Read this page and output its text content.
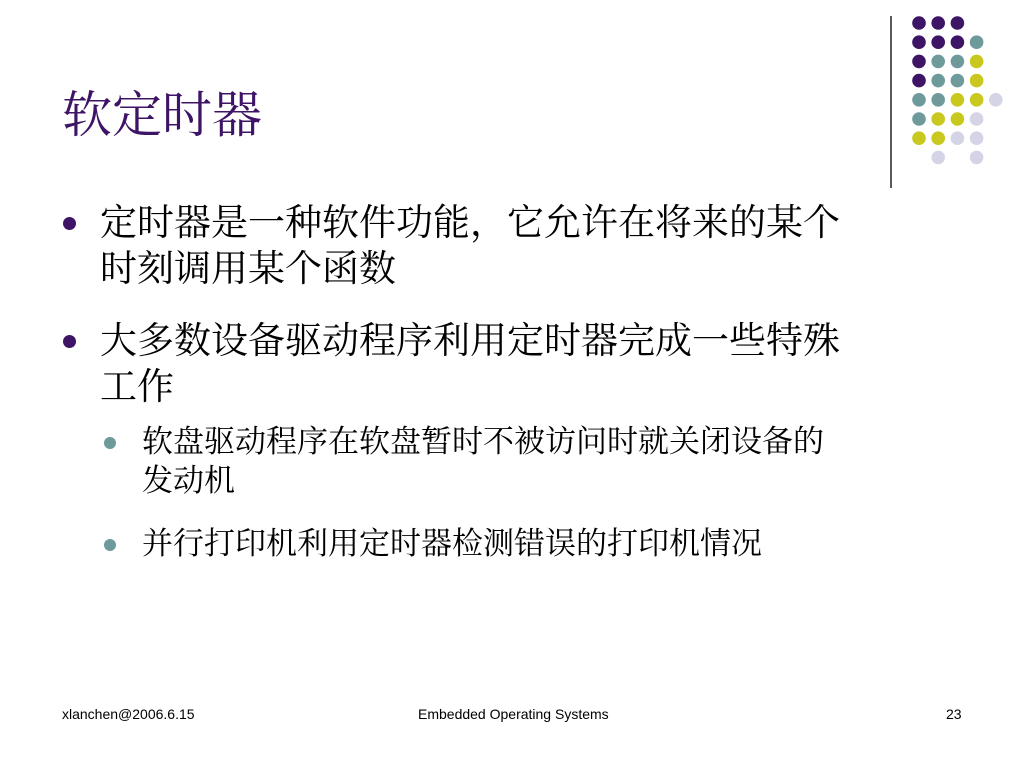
软定时器
定时器是一种软件功能，它允许在将来的某个
时刻调用某个函数
大多数设备驱动程序利用定时器完成一些特殊
工作
软盘驱动程序在软盘暂时不被访问时就关闭设备的
发动机
并行打印机利用定时器检测错误的打印机情况
xlanchen@2006.6.15	Embedded Operating Systems	23
